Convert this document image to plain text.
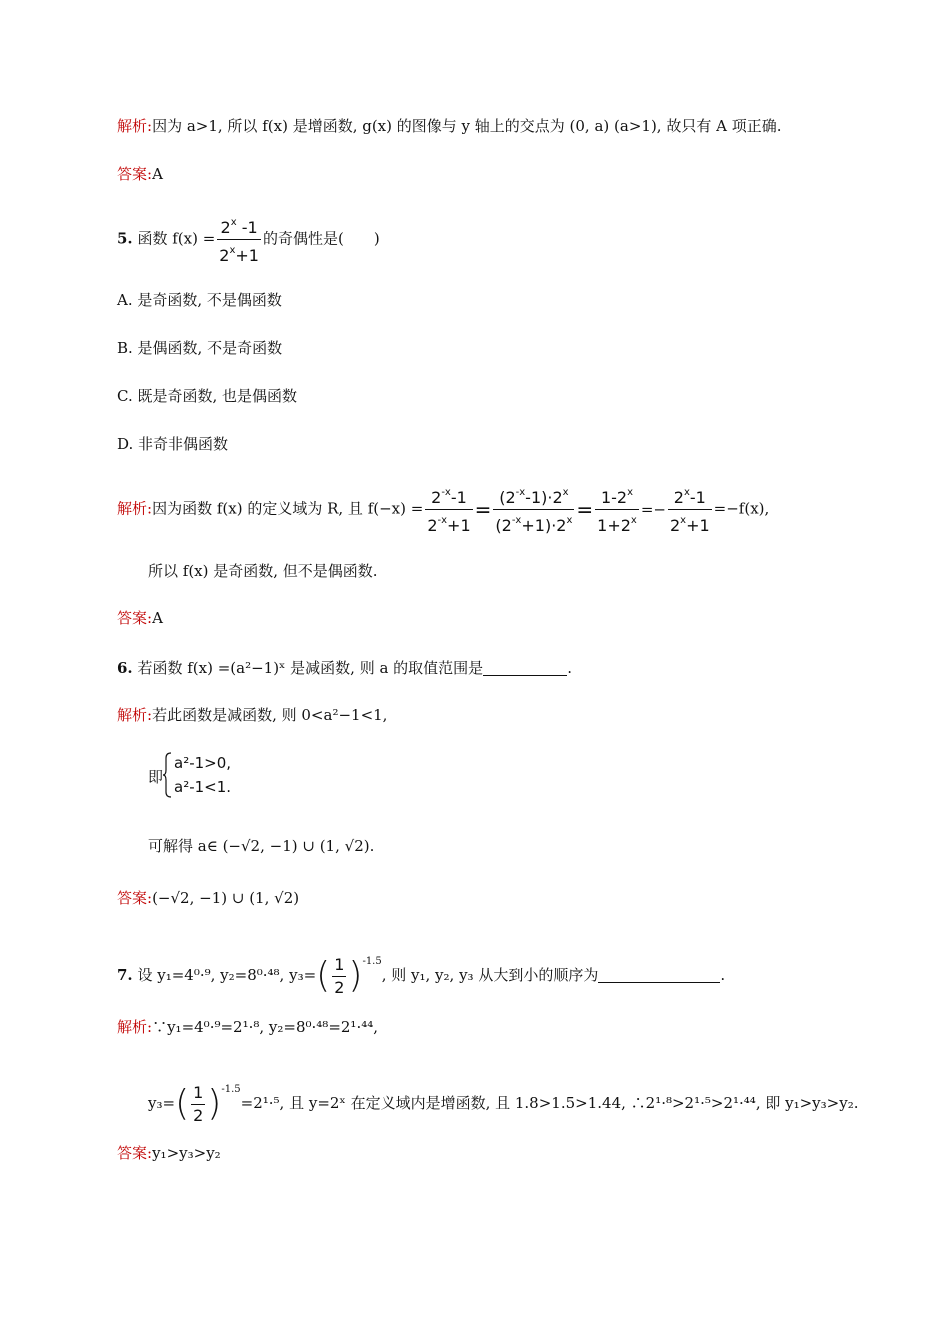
解析:因为 a>1, 所以 f(x) 是增函数, g(x) 的图像与 y 轴上的交点为 (0, a) (a>1), 故只有 A 项正确.
答案:A
5. 函数 $f(x) = \frac{2^x -1}{2^x+1}$ 的奇偶性是(　　)
A. 是奇函数, 不是偶函数
B. 是偶函数, 不是奇函数
C. 既是奇函数, 也是偶函数
D. 非奇非偶函数
解析:因为函数 f(x) 的定义域为 R, 且 $f(-x) = \frac{2^{-x}-1}{2^{-x}+1} = \frac{(2^{-x}-1)\cdot 2^x}{(2^{-x}+1)\cdot 2^x} = \frac{1-2^x}{1+2^x} =- \frac{2^x-1}{2^x+1} =-f(x)$,
所以 f(x) 是奇函数, 但不是偶函数.
答案:A
6. 若函数 f(x) =(a²−1)ˣ 是减函数, 则 a 的取值范围是	.
解析:若此函数是减函数, 则 0<a²−1<1,
即
a²-1>0,
a²-1<1.
可解得 a∈ (−√2, −1) ∪ (1, √2).
答案:(−√2, −1) ∪ (1, √2)
7. 设 y₁=4⁰·⁹, y₂=8⁰·⁴⁸, $y_3=( \frac{1}{2} )^{-1.5}$, 则 y₁, y₂, y₃ 从大到小的顺序为	.
解析:∵y₁=4⁰·⁹=2¹·⁸, y₂=8⁰·⁴⁸=2¹·⁴⁴,
$y_3=( \frac{1}{2} )^{-1.5}=2^1\cdot^5$, 且 y=2ˣ 在定义域内是增函数, 且 1.8>1.5>1.44, ∴2¹·⁸>2¹·⁵>2¹·⁴⁴, 即 y₁>y₃>y₂.
答案:y₁>y₃>y₂
